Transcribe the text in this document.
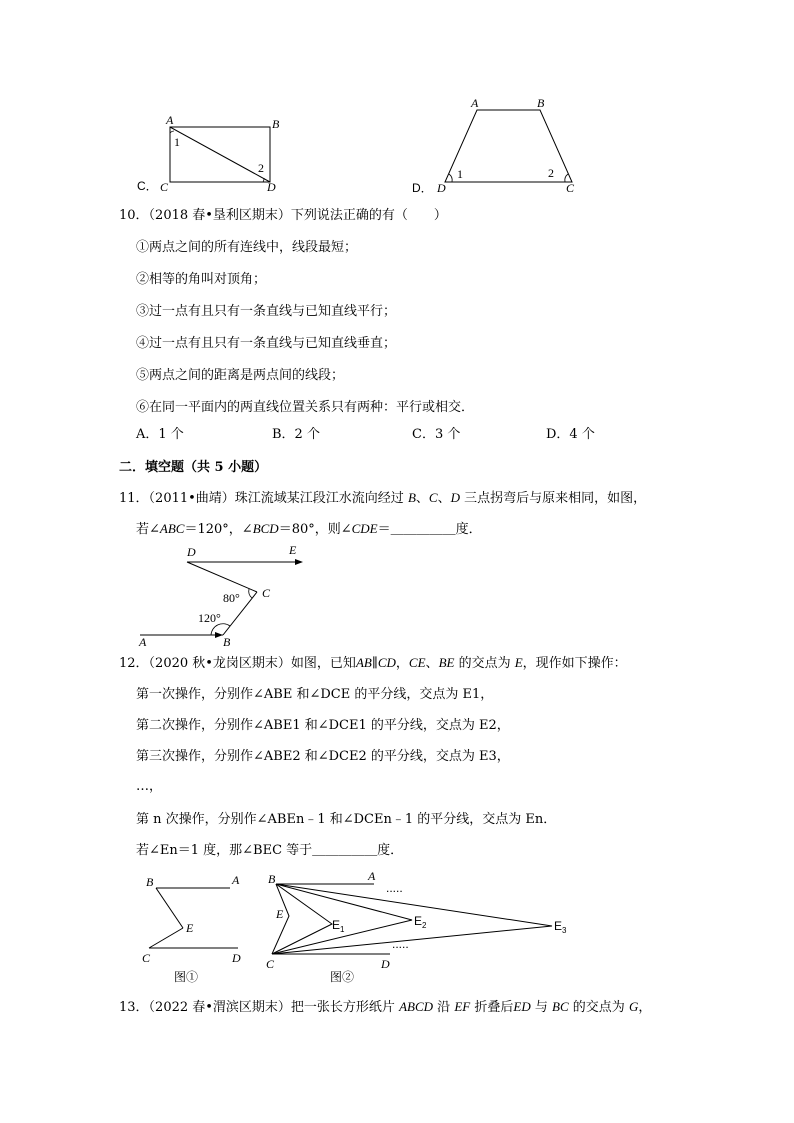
C．
A	B
C	D
1
2
D．
A	B
C
D
1	2
10．（2018 春•垦利区期末）下列说法正确的有（　　）
①两点之间的所有连线中，线段最短；
②相等的角叫对顶角；
③过一点有且只有一条直线与已知直线平行；
④过一点有且只有一条直线与已知直线垂直；
⑤两点之间的距离是两点间的线段；
⑥在同一平面内的两直线位置关系只有两种：平行或相交．
A．1 个	B．2 个	C．3 个	D．4 个
二．填空题（共 5 小题）
11．（2011•曲靖）珠江流域某江段江水流向经过 B、C、D 三点拐弯后与原来相同，如图，
若∠ABC＝120°，∠BCD＝80°，则∠CDE＝＿＿＿＿＿度．
D	E
C
A	B
80°
120°
12．（2020 秋•龙岗区期末）如图，已知AB∥CD，CE、BE 的交点为 E，现作如下操作：
第一次操作，分别作∠ABE 和∠DCE 的平分线，交点为 E1，
第二次操作，分别作∠ABE1 和∠DCE1 的平分线，交点为 E2，
第三次操作，分别作∠ABE2 和∠DCE2 的平分线，交点为 E3，
…，
第 n 次操作，分别作∠ABEn﹣1 和∠DCEn﹣1 的平分线，交点为 En．
若∠En＝1 度，那∠BEC 等于＿＿＿＿＿度．
B	A
E
C	D
图①
B	A
.....
E
$E_1$
$E_2$	$E_3$
.....
C	D
图②
13．（2022 春•渭滨区期末）把一张长方形纸片 ABCD 沿 EF 折叠后ED 与 BC 的交点为 G，
